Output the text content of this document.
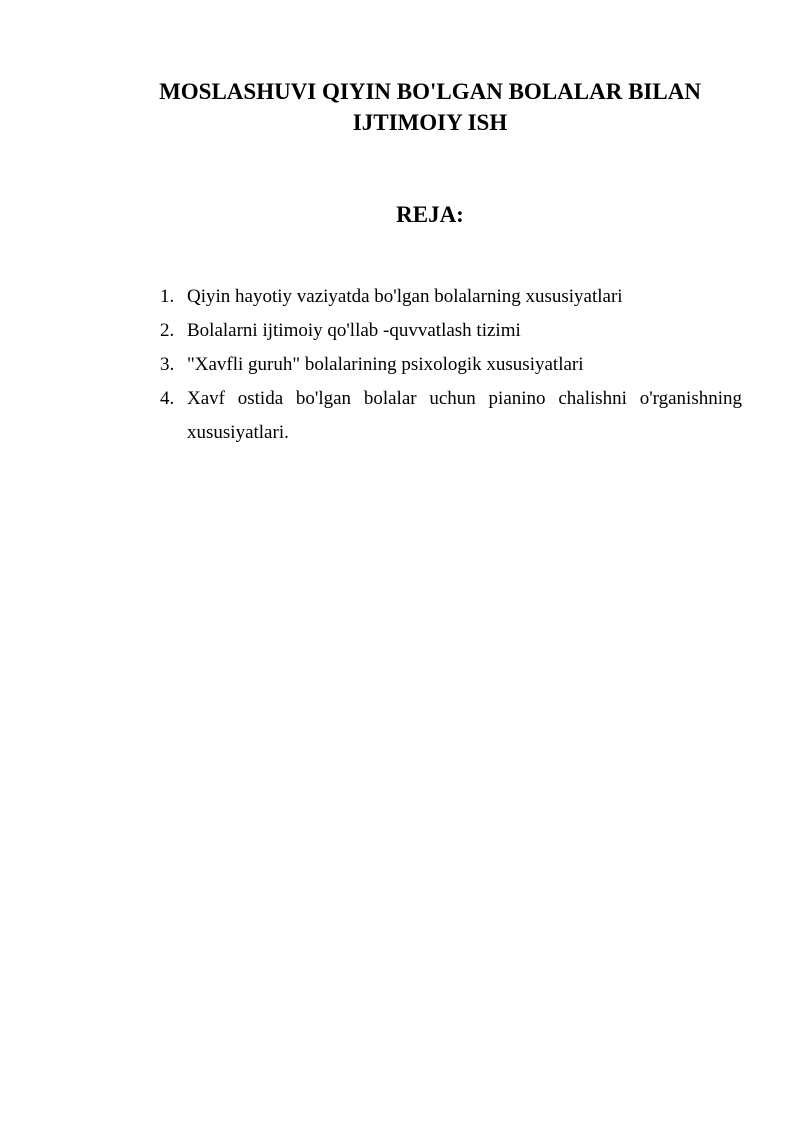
MOSLASHUVI QIYIN BO'LGAN BOLALAR BILAN
IJTIMOIY ISH
REJA:
1. Qiyin hayotiy vaziyatda bo'lgan bolalarning xususiyatlari
2. Bolalarni ijtimoiy qo'llab -quvvatlash tizimi
3. "Xavfli guruh" bolalarining psixologik xususiyatlari
4. Xavf ostida bo'lgan bolalar uchun pianino chalishni o'rganishning xususiyatlari.
